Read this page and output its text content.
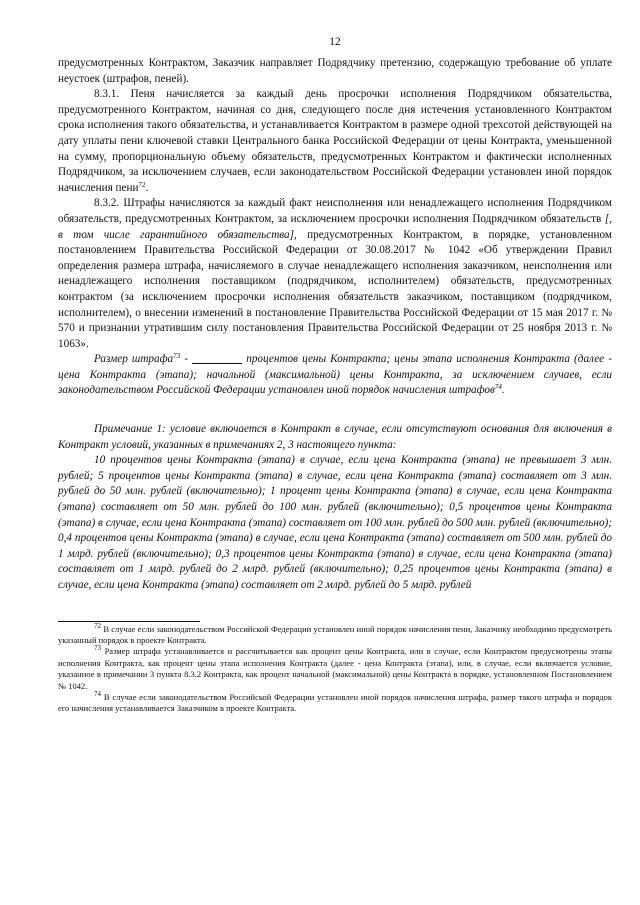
12

предусмотренных Контрактом, Заказчик направляет Подрядчику претензию, содержащую требование об уплате неустоек (штрафов, пеней).

8.3.1. Пеня начисляется за каждый день просрочки исполнения Подрядчиком обязательства, предусмотренного Контрактом, начиная со дня, следующего после дня истечения установленного Контрактом срока исполнения такого обязательства, и устанавливается Контрактом в размере одной трехсотой действующей на дату уплаты пени ключевой ставки Центрального банка Российской Федерации от цены Контракта, уменьшенной на сумму, пропорциональную объему обязательств, предусмотренных Контрактом и фактически исполненных Подрядчиком, за исключением случаев, если законодательством Российской Федерации установлен иной порядок начисления пени$^{72}$.

8.3.2. Штрафы начисляются за каждый факт неисполнения или ненадлежащего исполнения Подрядчиком обязательств, предусмотренных Контрактом, за исключением просрочки исполнения Подрядчиком обязательств [, в том числе гарантийного обязательства], предусмотренных Контрактом, в порядке, установленном постановлением Правительства Российской Федерации от 30.08.2017 № 1042 «Об утверждении Правил определения размера штрафа, начисляемого в случае ненадлежащего исполнения заказчиком, неисполнения или ненадлежащего исполнения поставщиком (подрядчиком, исполнителем) обязательств, предусмотренных контрактом (за исключением просрочки исполнения обязательств заказчиком, поставщиком (подрядчиком, исполнителем), о внесении изменений в постановление Правительства Российской Федерации от 15 мая 2017 г. № 570 и признании утратившим силу постановления Правительства Российской Федерации от 25 ноября 2013 г. № 1063».

Размер штрафа$^{73}$ -	процентов цены Контракта; цены этапа исполнения Контракта (далее - цена Контракта (этапа); начальной (максимальной) цены Контракта, за исключением случаев, если законодательством Российской Федерации установлен иной порядок начисления штрафов$^{74}$.

Примечание 1: условие включается в Контракт в случае, если отсутствуют основания для включения в Контракт условий, указанных в примечаниях 2, 3 настоящего пункта:

10 процентов цены Контракта (этапа) в случае, если цена Контракта (этапа) не превышает 3 млн. рублей; 5 процентов цены Контракта (этапа) в случае, если цена Контракта (этапа) составляет от 3 млн. рублей до 50 млн. рублей (включительно); 1 процент цены Контракта (этапа) в случае, если цена Контракта (этапа) составляет от 50 млн. рублей до 100 млн. рублей (включительно); 0,5 процентов цены Контракта (этапа) в случае, если цена Контракта (этапа) составляет от 100 млн. рублей до 500 млн. рублей (включительно); 0,4 процентов цены Контракта (этапа) в случае, если цена Контракта (этапа) составляет от 500 млн. рублей до 1 млрд. рублей (включительно); 0,3 процентов цены Контракта (этапа) в случае, если цена Контракта (этапа) составляет от 1 млрд. рублей до 2 млрд. рублей (включительно); 0,25 процентов цены Контракта (этапа) в случае, если цена Контракта (этапа) составляет от 2 млрд. рублей до 5 млрд. рублей

$^{72}$ В случае если законодательством Российской Федерации установлен иной порядок начисления пени, Заказчику необходимо предусмотреть указанный порядок в проекте Контракта.

$^{73}$ Размер штрафа устанавливается и рассчитывается как процент цены Контракта, или в случае, если Контрактом предусмотрены этапы исполнения Контракта, как процент цены этапа исполнения Контракта (далее - цена Контракта (этапа), или, в случае, если включается условие, указанное в примечании 3 пункта 8.3.2 Контракта, как процент начальной (максимальной) цены Контракта в порядке, установленном Постановлением № 1042.

$^{74}$ В случае если законодательством Российской Федерации установлен иной порядок начисления штрафа, размер такого штрафа и порядок его начисления устанавливается Заказчиком в проекте Контракта.
